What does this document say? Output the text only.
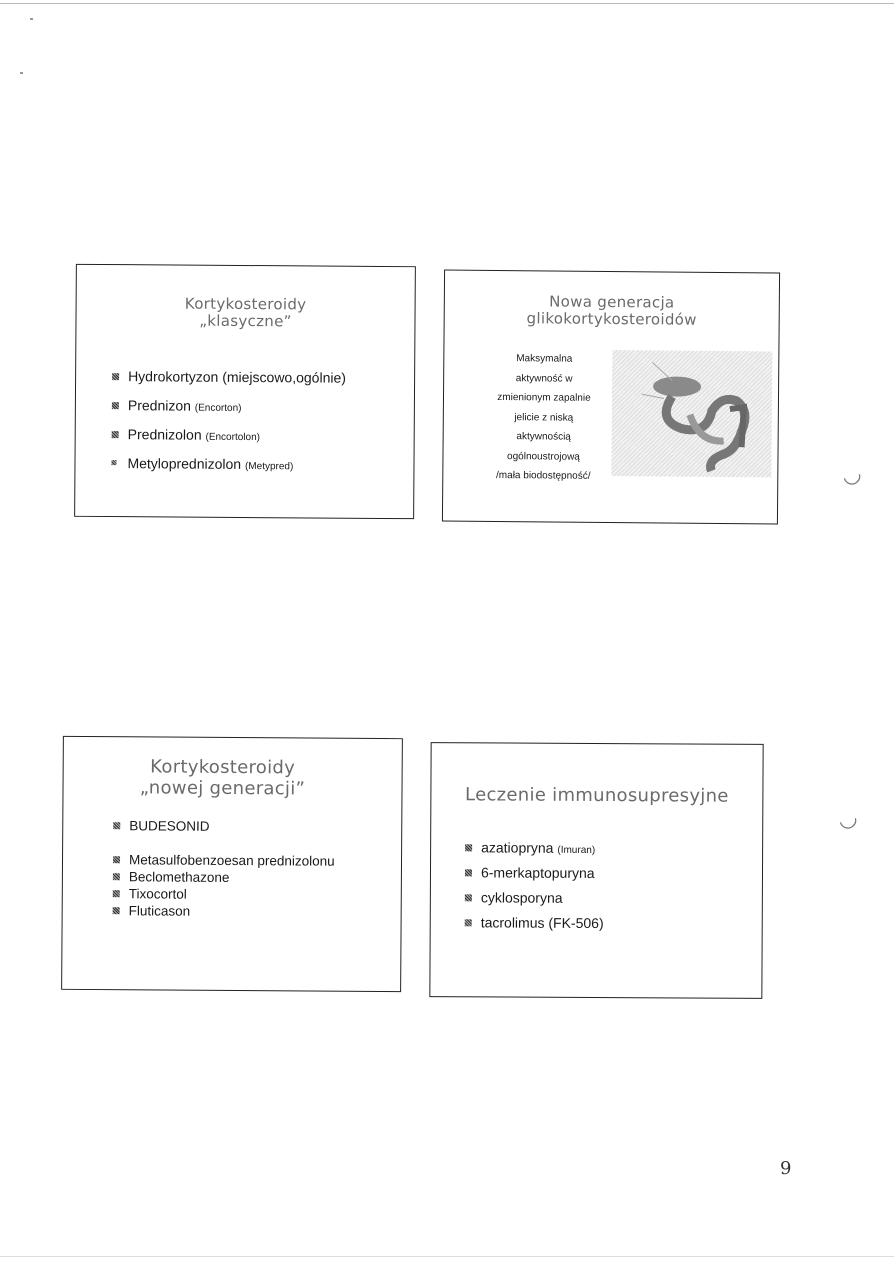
Kortykosteroidy
„klasyczne”
Hydrokortyzon (miejscowo,ogólnie)
Prednizon (Encorton)
Prednizolon (Encortolon)
Metyloprednizolon (Metypred)
Nowa generacja
glikokortykosteroidów
Maksymalna
aktywność w
zmienionym zapalnie
jelicie z niską
aktywnością
ogólnoustrojową
/mała biodostępność/
Kortykosteroidy
„nowej generacji”
BUDESONID
Metasulfobenzoesan prednizolonu
Beclomethazone
Tixocortol
Fluticason
Leczenie immunosupresyjne
azatiopryna (Imuran)
6-merkaptopuryna
cyklosporyna
tacrolimus (FK-506)
◡
◡
9
